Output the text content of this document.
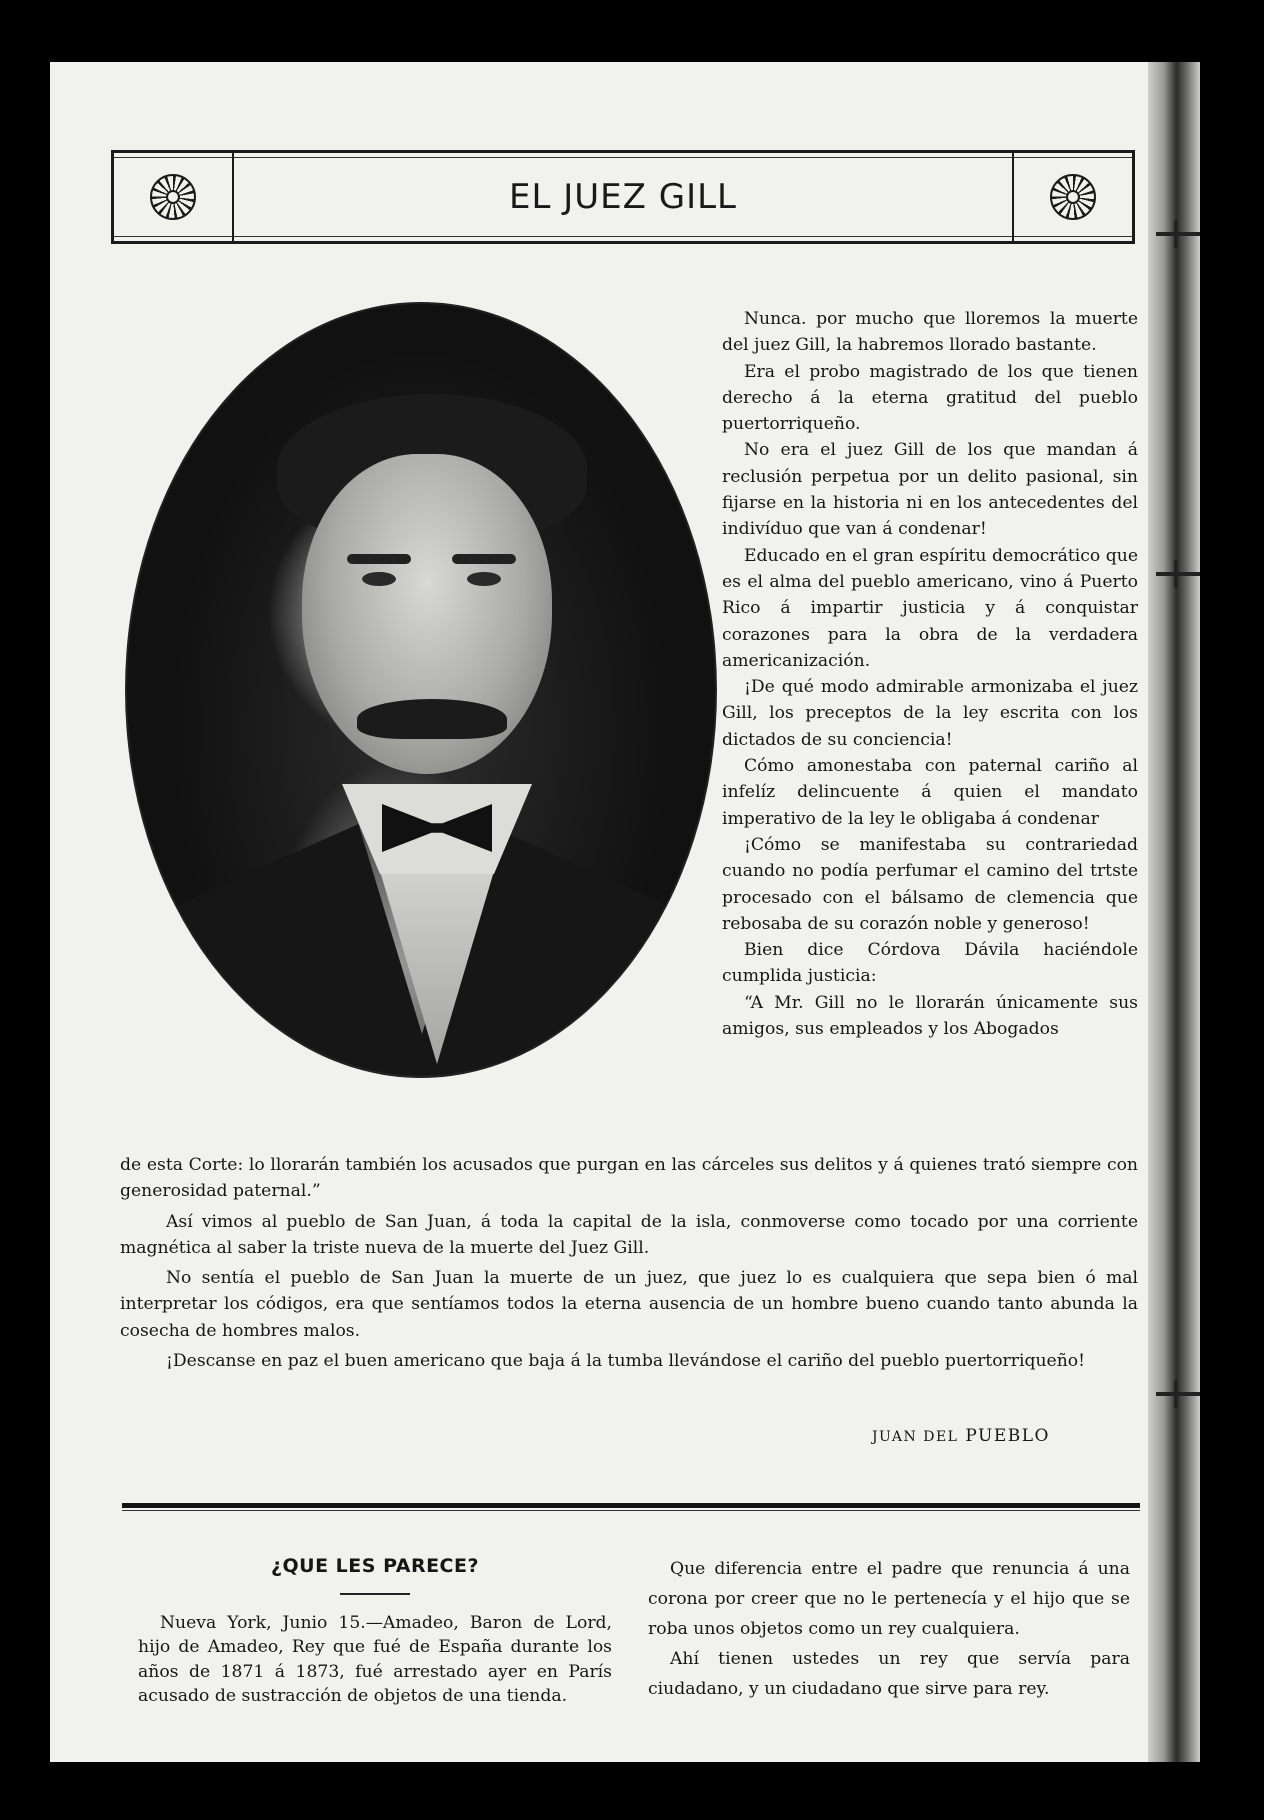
EL JUEZ GILL

Nunca. por mucho que lloremos la muerte del juez Gill, la habremos llorado bastante.

Era el probo magistrado de los que tienen derecho á la eterna gratitud del pueblo puertorriqueño.

No era el juez Gill de los que mandan á reclusión perpetua por un delito pasional, sin fijarse en la historia ni en los antecedentes del indivíduo que van á condenar!

Educado en el gran espíritu democrático que es el alma del pueblo americano, vino á Puerto Rico á impartir justicia y á conquistar corazones para la obra de la verdadera americanización.

¡De qué modo admirable armonizaba el juez Gill, los preceptos de la ley escrita con los dictados de su conciencia!

Cómo amonestaba con paternal cariño al infelíz delincuente á quien el mandato imperativo de la ley le obligaba á condenar

¡Cómo se manifestaba su contrariedad cuando no podía perfumar el camino del trtste procesado con el bálsamo de clemencia que rebosaba de su corazón noble y generoso!

Bien dice Córdova Dávila haciéndole cumplida justicia:

“A Mr. Gill no le llorarán únicamente sus amigos, sus empleados y los Abogados

de esta Corte: lo llorarán también los acusados que purgan en las cárceles sus delitos y á quienes trató siempre con generosidad paternal.”

Así vimos al pueblo de San Juan, á toda la capital de la isla, conmoverse como tocado por una corriente magnética al saber la triste nueva de la muerte del Juez Gill.

No sentía el pueblo de San Juan la muerte de un juez, que juez lo es cualquiera que sepa bien ó mal interpretar los códigos, era que sentíamos todos la eterna ausencia de un hombre bueno cuando tanto abunda la cosecha de hombres malos.

¡Descanse en paz el buen americano que baja á la tumba llevándose el cariño del pueblo puertorriqueño!

JUAN DEL PUEBLO
¿QUE LES PARECE?

Nueva York, Junio 15.—Amadeo, Baron de Lord, hijo de Amadeo, Rey que fué de España durante los años de 1871 á 1873, fué arrestado ayer en París acusado de sustracción de objetos de una tienda.

Que diferencia entre el padre que renuncia á una corona por creer que no le pertenecía y el hijo que se roba unos objetos como un rey cualquiera.

Ahí tienen ustedes un rey que servía para ciudadano, y un ciudadano que sirve para rey.
